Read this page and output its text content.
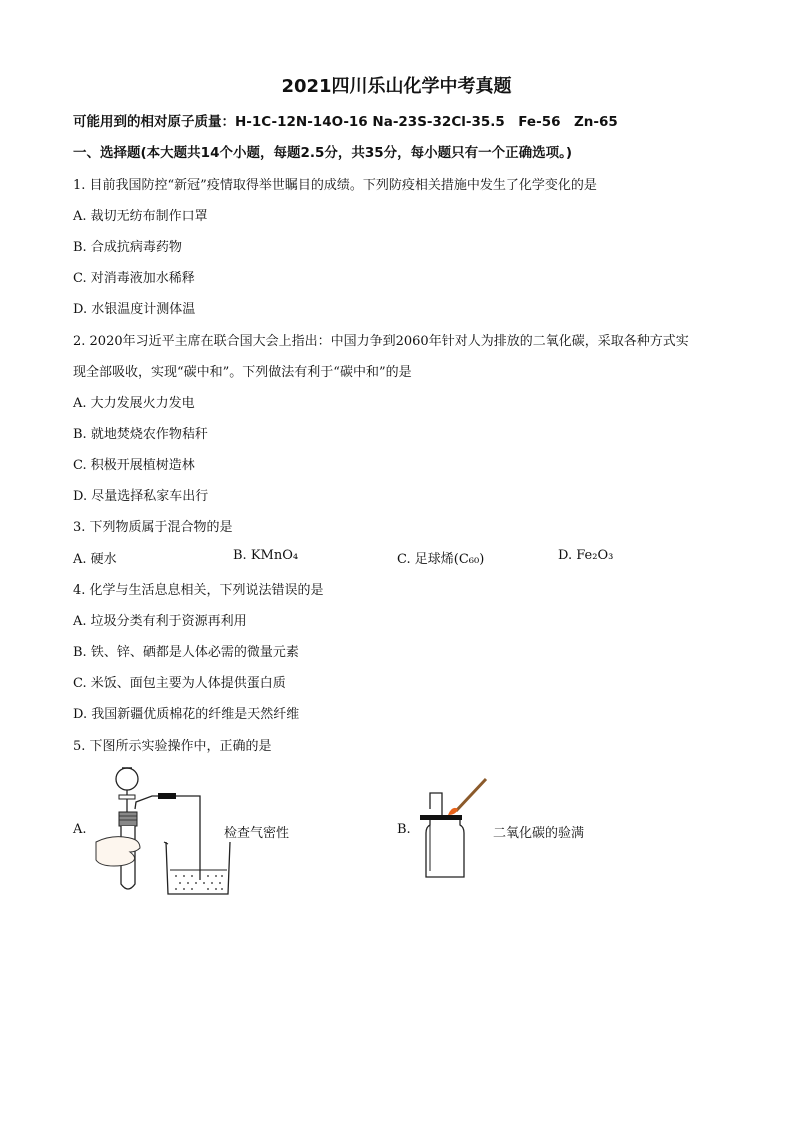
2021四川乐山化学中考真题
可能用到的相对原子质量：H-1C-12N-14O-16 Na-23S-32Cl-35.5　Fe-56　Zn-65
一、选择题(本大题共14个小题，每题2.5分，共35分，每小题只有一个正确选项。)
1. 目前我国防控“新冠”疫情取得举世瞩目的成绩。下列防疫相关措施中发生了化学变化的是
A. 裁切无纺布制作口罩
B. 合成抗病毒药物
C. 对消毒液加水稀释
D. 水银温度计测体温
2. 2020年习近平主席在联合国大会上指出：中国力争到2060年针对人为排放的二氧化碳，采取各种方式实
现全部吸收，实现“碳中和”。下列做法有利于“碳中和”的是
A. 大力发展火力发电
B. 就地焚烧农作物秸秆
C. 积极开展植树造林
D. 尽量选择私家车出行
3. 下列物质属于混合物的是
A. 硬水	B. KMnO₄	C. 足球烯(C₆₀)	D. Fe₂O₃
4. 化学与生活息息相关，下列说法错误的是
A. 垃圾分类有利于资源再利用
B. 铁、锌、硒都是人体必需的微量元素
C. 米饭、面包主要为人体提供蛋白质
D. 我国新疆优质棉花的纤维是天然纤维
5. 下图所示实验操作中，正确的是
A.	检查气密性	B.	二氧化碳的验满
